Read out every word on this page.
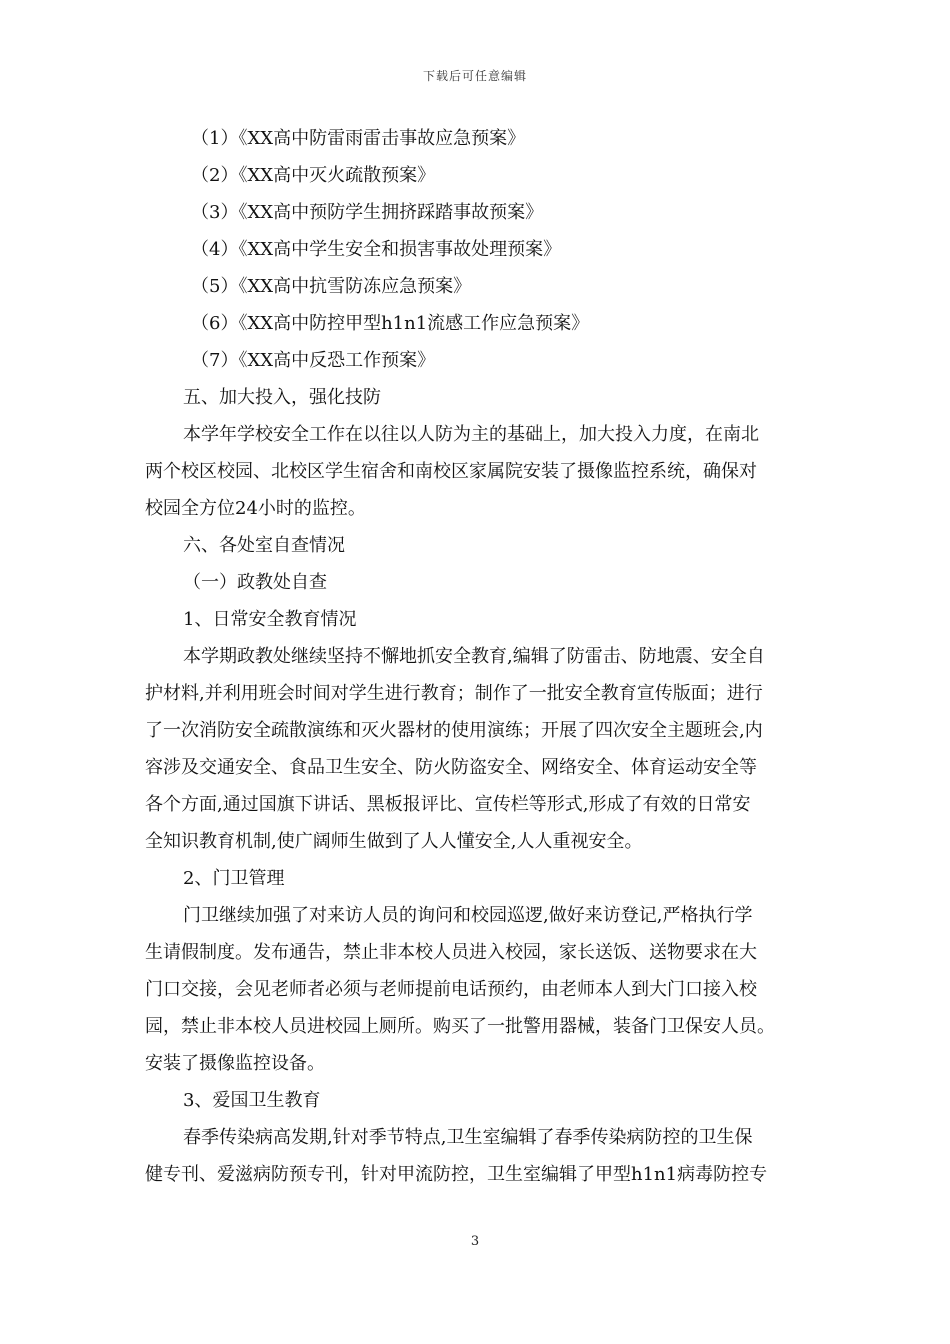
下载后可任意编辑
（1）《XX高中防雷雨雷击事故应急预案》
（2）《XX高中灭火疏散预案》
（3）《XX高中预防学生拥挤踩踏事故预案》
（4）《XX高中学生安全和损害事故处理预案》
（5）《XX高中抗雪防冻应急预案》
（6）《XX高中防控甲型h1n1流感工作应急预案》
（7）《XX高中反恐工作预案》
五、加大投入，强化技防
本学年学校安全工作在以往以人防为主的基础上，加大投入力度，在南北
两个校区校园、北校区学生宿舍和南校区家属院安装了摄像监控系统，确保对
校园全方位24小时的监控。
六、各处室自查情况
（一）政教处自查
1、日常安全教育情况
本学期政教处继续坚持不懈地抓安全教育,编辑了防雷击、防地震、安全自
护材料,并利用班会时间对学生进行教育；制作了一批安全教育宣传版面；进行
了一次消防安全疏散演练和灭火器材的使用演练；开展了四次安全主题班会,内
容涉及交通安全、食品卫生安全、防火防盗安全、网络安全、体育运动安全等
各个方面,通过国旗下讲话、黑板报评比、宣传栏等形式,形成了有效的日常安
全知识教育机制,使广阔师生做到了人人懂安全,人人重视安全。
2、门卫管理
门卫继续加强了对来访人员的询问和校园巡逻,做好来访登记,严格执行学
生请假制度。发布通告，禁止非本校人员进入校园，家长送饭、送物要求在大
门口交接，会见老师者必须与老师提前电话预约，由老师本人到大门口接入校
园，禁止非本校人员进校园上厕所。购买了一批警用器械，装备门卫保安人员。
安装了摄像监控设备。
3、爱国卫生教育
春季传染病高发期,针对季节特点,卫生室编辑了春季传染病防控的卫生保
健专刊、爱滋病防预专刊，针对甲流防控，卫生室编辑了甲型h1n1病毒防控专
3
